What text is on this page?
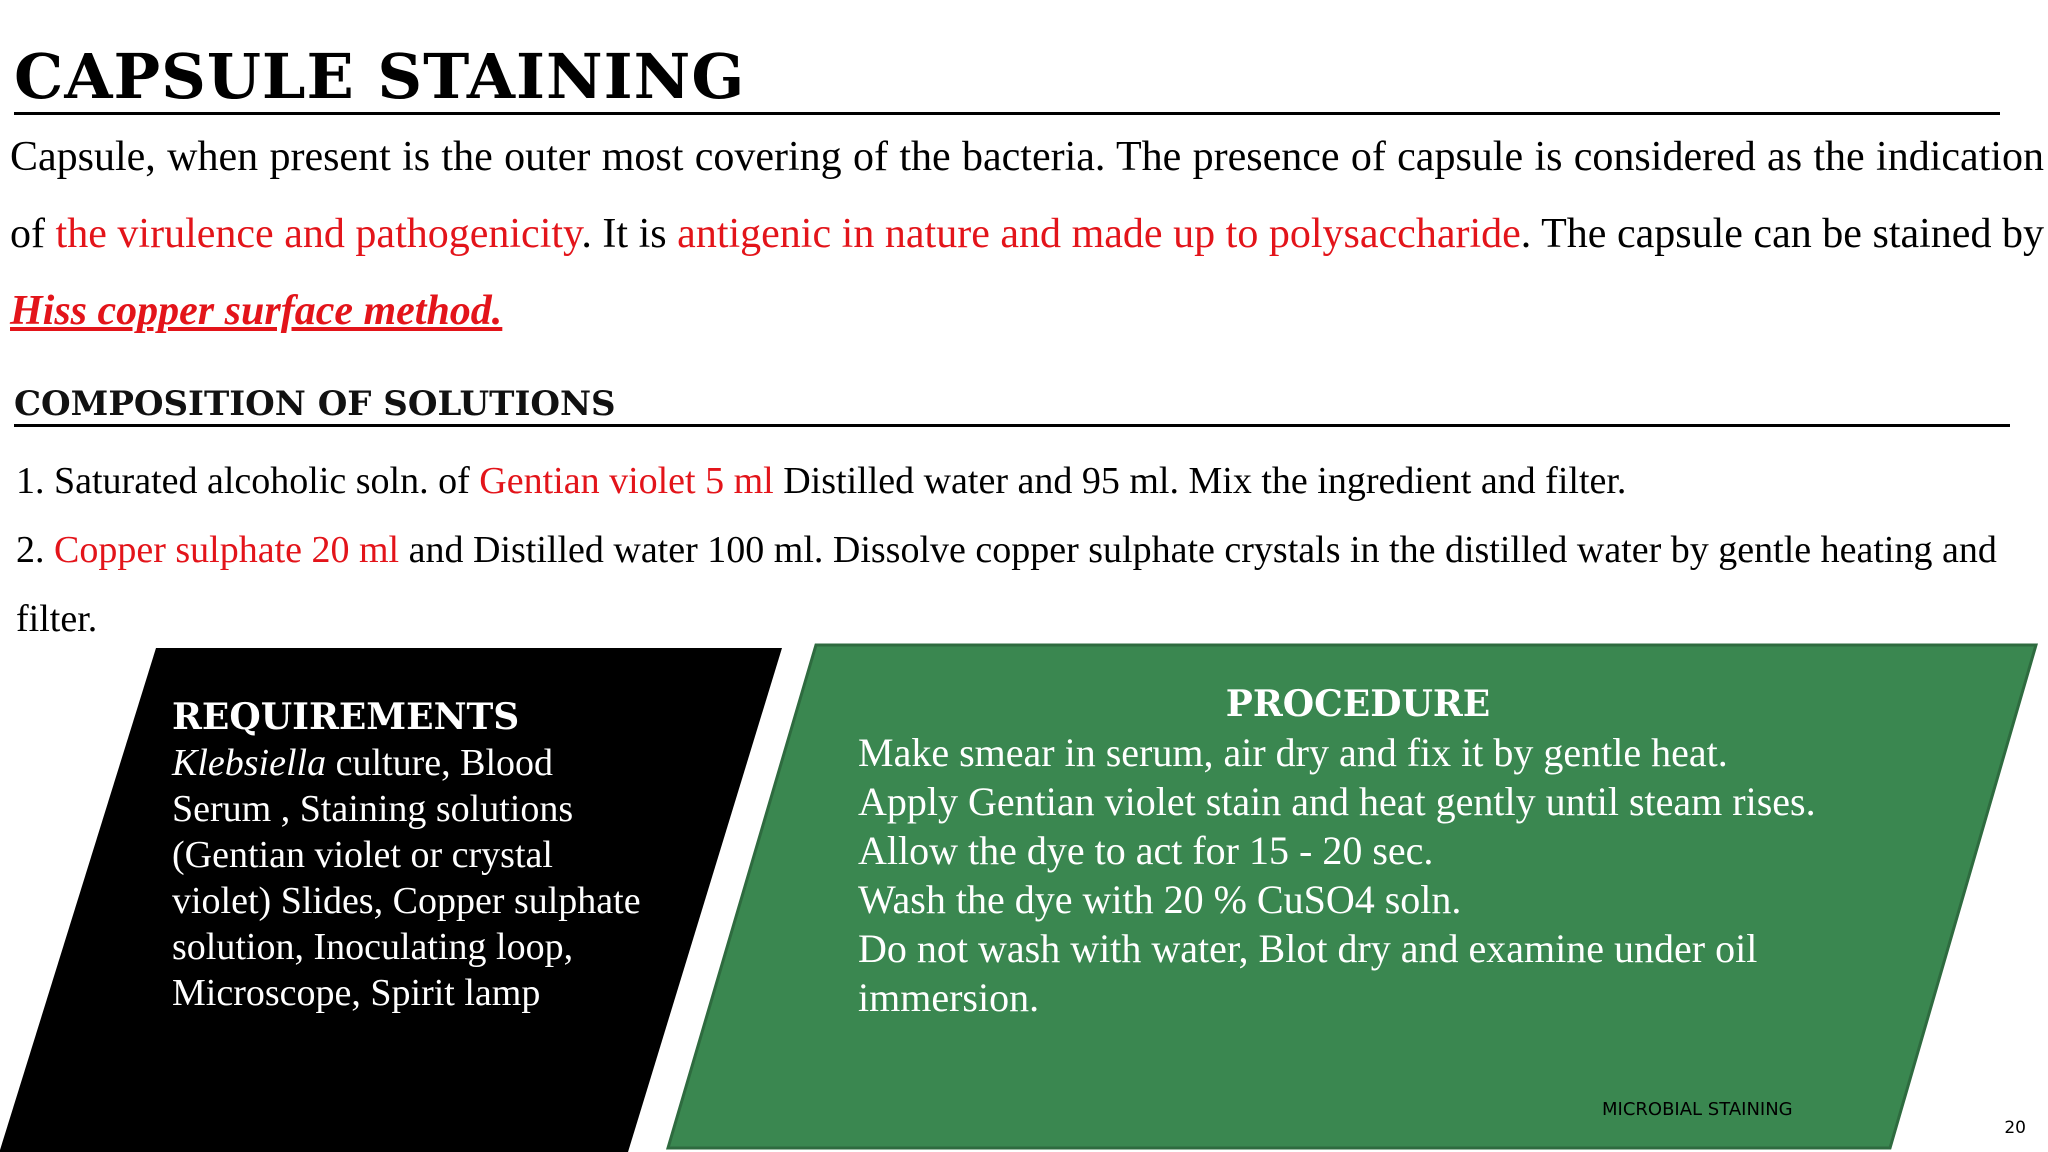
CAPSULE STAINING

Capsule, when present is the outer most covering of the bacteria. The presence of capsule is considered as the indication of the virulence and pathogenicity. It is antigenic in nature and made up to polysaccharide. The capsule can be stained by Hiss copper surface method.

COMPOSITION OF SOLUTIONS
1. Saturated alcoholic soln. of Gentian violet 5 ml Distilled water and 95 ml. Mix the ingredient and filter.
2. Copper sulphate 20 ml and Distilled water 100 ml. Dissolve copper sulphate crystals in the distilled water by gentle heating and filter.
REQUIREMENTS

Klebsiella culture, Blood Serum , Staining solutions (Gentian violet or crystal violet) Slides, Copper sulphate solution, Inoculating loop, Microscope, Spirit lamp

PROCEDURE
Make smear in serum, air dry and fix it by gentle heat.
Apply Gentian violet stain and heat gently until steam rises.
Allow the dye to act for 15 - 20 sec.
Wash the dye with 20 % CuSO4 soln.
Do not wash with water, Blot dry and examine under oil immersion.

MICROBIAL STAINING

20
